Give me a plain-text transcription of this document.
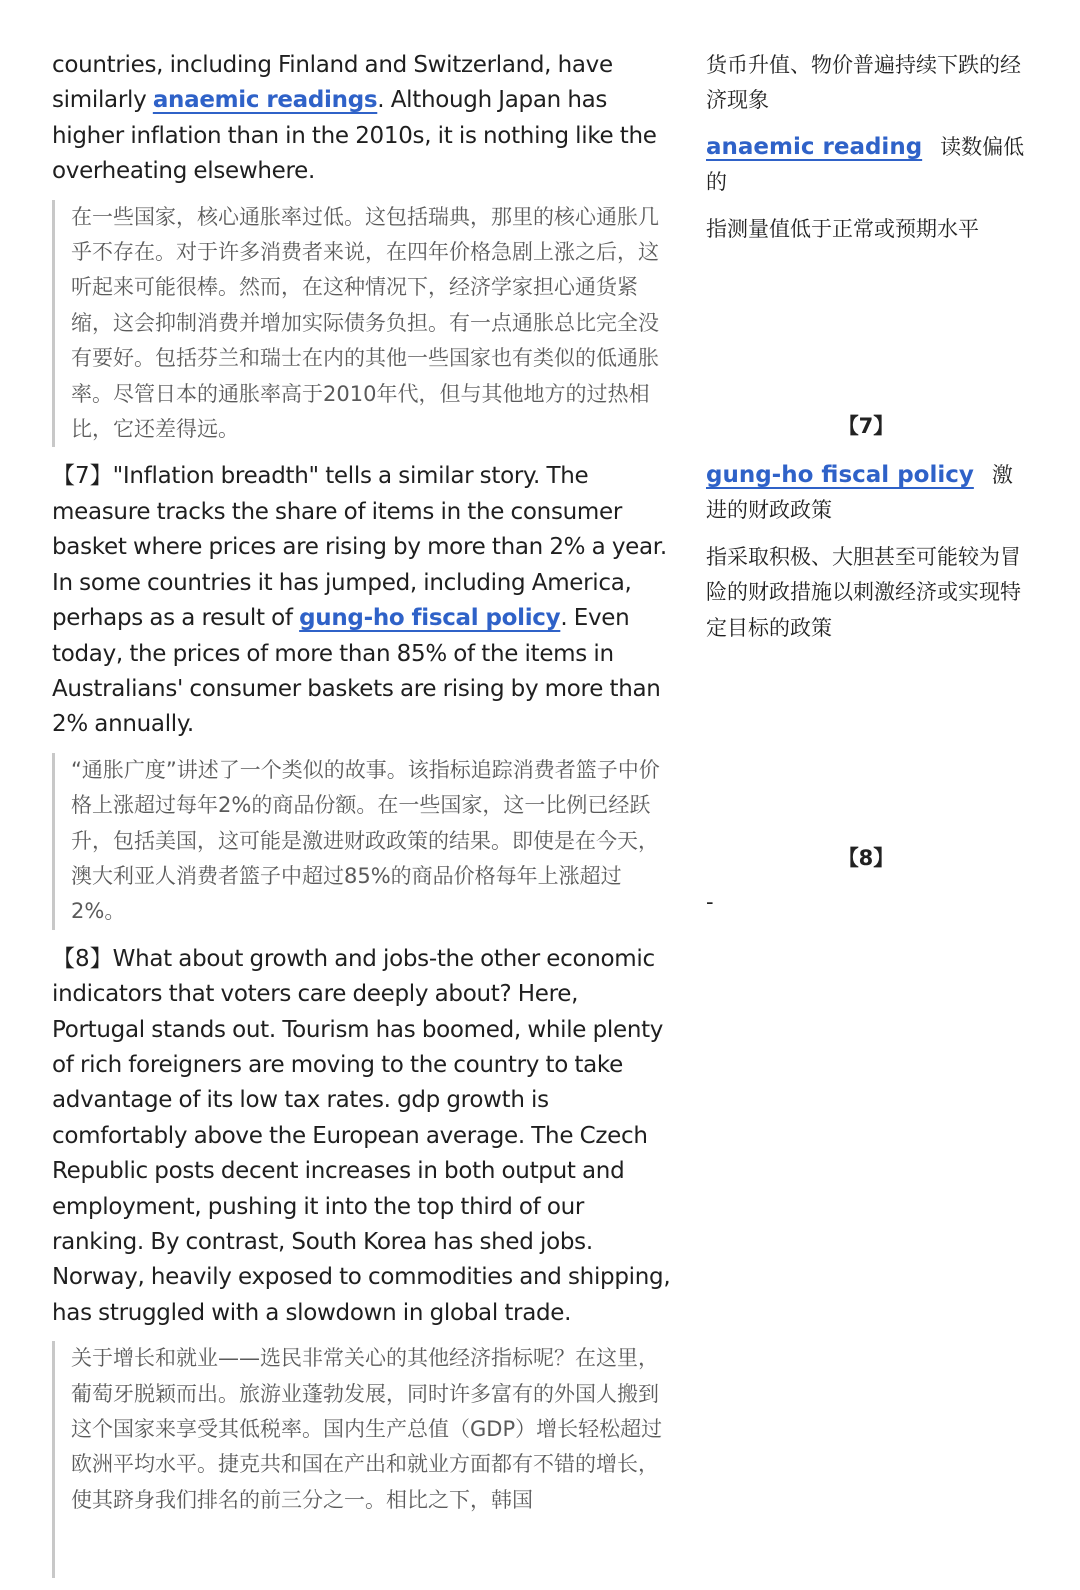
countries, including Finland and Switzerland, have similarly anaemic readings. Although Japan has higher inflation than in the 2010s, it is nothing like the overheating elsewhere.

在一些国家，核心通胀率过低。这包括瑞典，那里的核心通胀几乎不存在。对于许多消费者来说，在四年价格急剧上涨之后，这听起来可能很棒。然而，在这种情况下，经济学家担心通货紧缩，这会抑制消费并增加实际债务负担。有一点通胀总比完全没有要好。包括芬兰和瑞士在内的其他一些国家也有类似的低通胀率。尽管日本的通胀率高于2010年代，但与其他地方的过热相比，它还差得远。

【7】"Inflation breadth" tells a similar story. The measure tracks the share of items in the consumer basket where prices are rising by more than 2% a year. In some countries it has jumped, including America, perhaps as a result of gung-ho fiscal policy. Even today, the prices of more than 85% of the items in Australians' consumer baskets are rising by more than 2% annually.

“通胀广度”讲述了一个类似的故事。该指标追踪消费者篮子中价格上涨超过每年2%的商品份额。在一些国家，这一比例已经跃升，包括美国，这可能是激进财政政策的结果。即使是在今天，澳大利亚人消费者篮子中超过85%的商品价格每年上涨超过2%。

【8】What about growth and jobs-the other economic indicators that voters care deeply about? Here, Portugal stands out. Tourism has boomed, while plenty of rich foreigners are moving to the country to take advantage of its low tax rates. gdp growth is comfortably above the European average. The Czech Republic posts decent increases in both output and employment, pushing it into the top third of our ranking. By contrast, South Korea has shed jobs. Norway, heavily exposed to commodities and shipping, has struggled with a slowdown in global trade.

关于增长和就业——选民非常关心的其他经济指标呢？在这里，葡萄牙脱颖而出。旅游业蓬勃发展，同时许多富有的外国人搬到这个国家来享受其低税率。国内生产总值（GDP）增长轻松超过欧洲平均水平。捷克共和国在产出和就业方面都有不错的增长，使其跻身我们排名的前三分之一。相比之下，韩国
货币升值、物价普遍持续下跌的经济现象
anaemic reading 读数偏低的
指测量值低于正常或预期水平
【7】
gung-ho fiscal policy 激进的财政政策
指采取积极、大胆甚至可能较为冒险的财政措施以刺激经济或实现特定目标的政策
【8】
-
